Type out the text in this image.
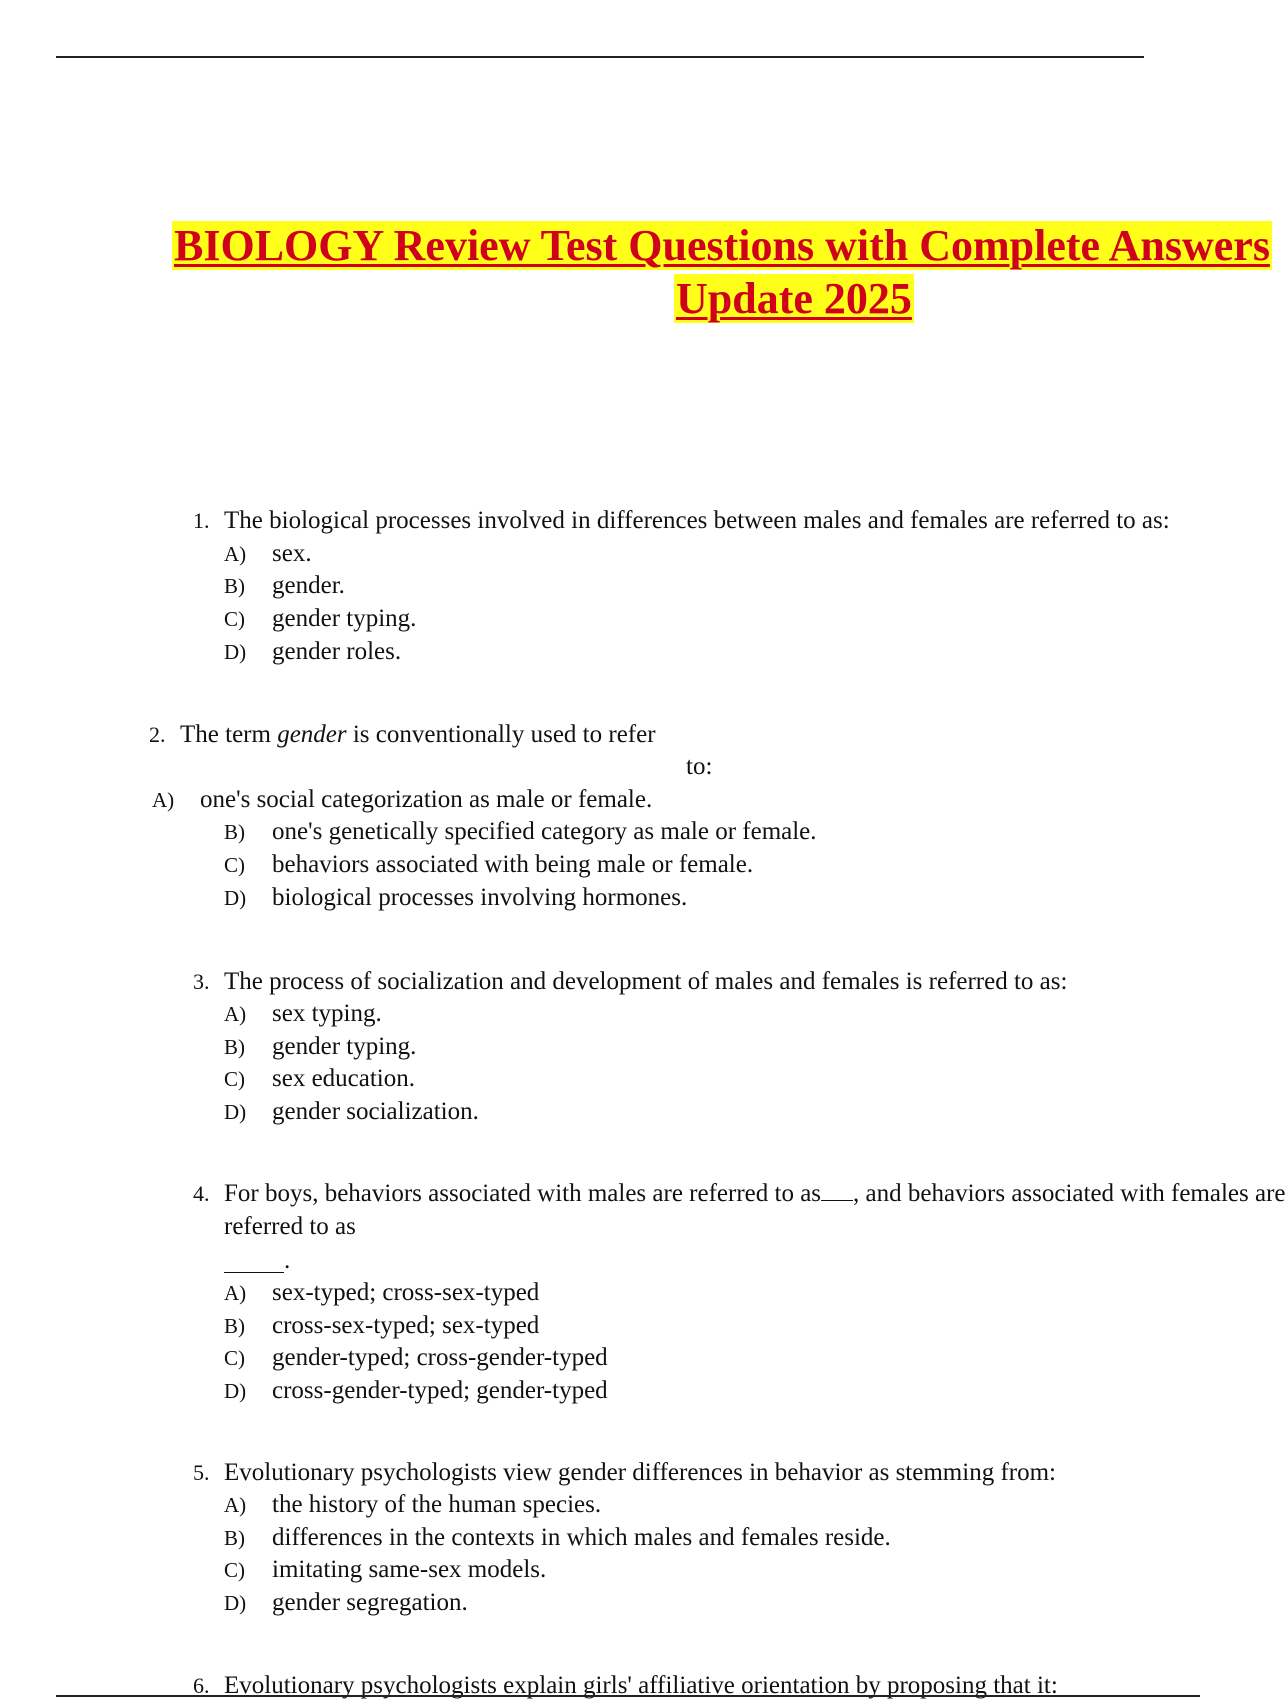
BIOLOGY Review Test Questions with Complete Answers
Update 2025
1. The biological processes involved in differences between males and females are referred to as:
A) sex.
B) gender.
C) gender typing.
D) gender roles.
2. The term gender is conventionally used to refer
to:
A) one's social categorization as male or female.
B) one's genetically specified category as male or female.
C) behaviors associated with being male or female.
D) biological processes involving hormones.
3. The process of socialization and development of males and females is referred to as:
A) sex typing.
B) gender typing.
C) sex education.
D) gender socialization.
4. For boys, behaviors associated with males are referred to as , and behaviors associated with females are
referred to as
.
A) sex-typed; cross-sex-typed
B) cross-sex-typed; sex-typed
C) gender-typed; cross-gender-typed
D) cross-gender-typed; gender-typed
5. Evolutionary psychologists view gender differences in behavior as stemming from:
A) the history of the human species.
B) differences in the contexts in which males and females reside.
C) imitating same-sex models.
D) gender segregation.
6. Evolutionary psychologists explain girls' affiliative orientation by proposing that it:
